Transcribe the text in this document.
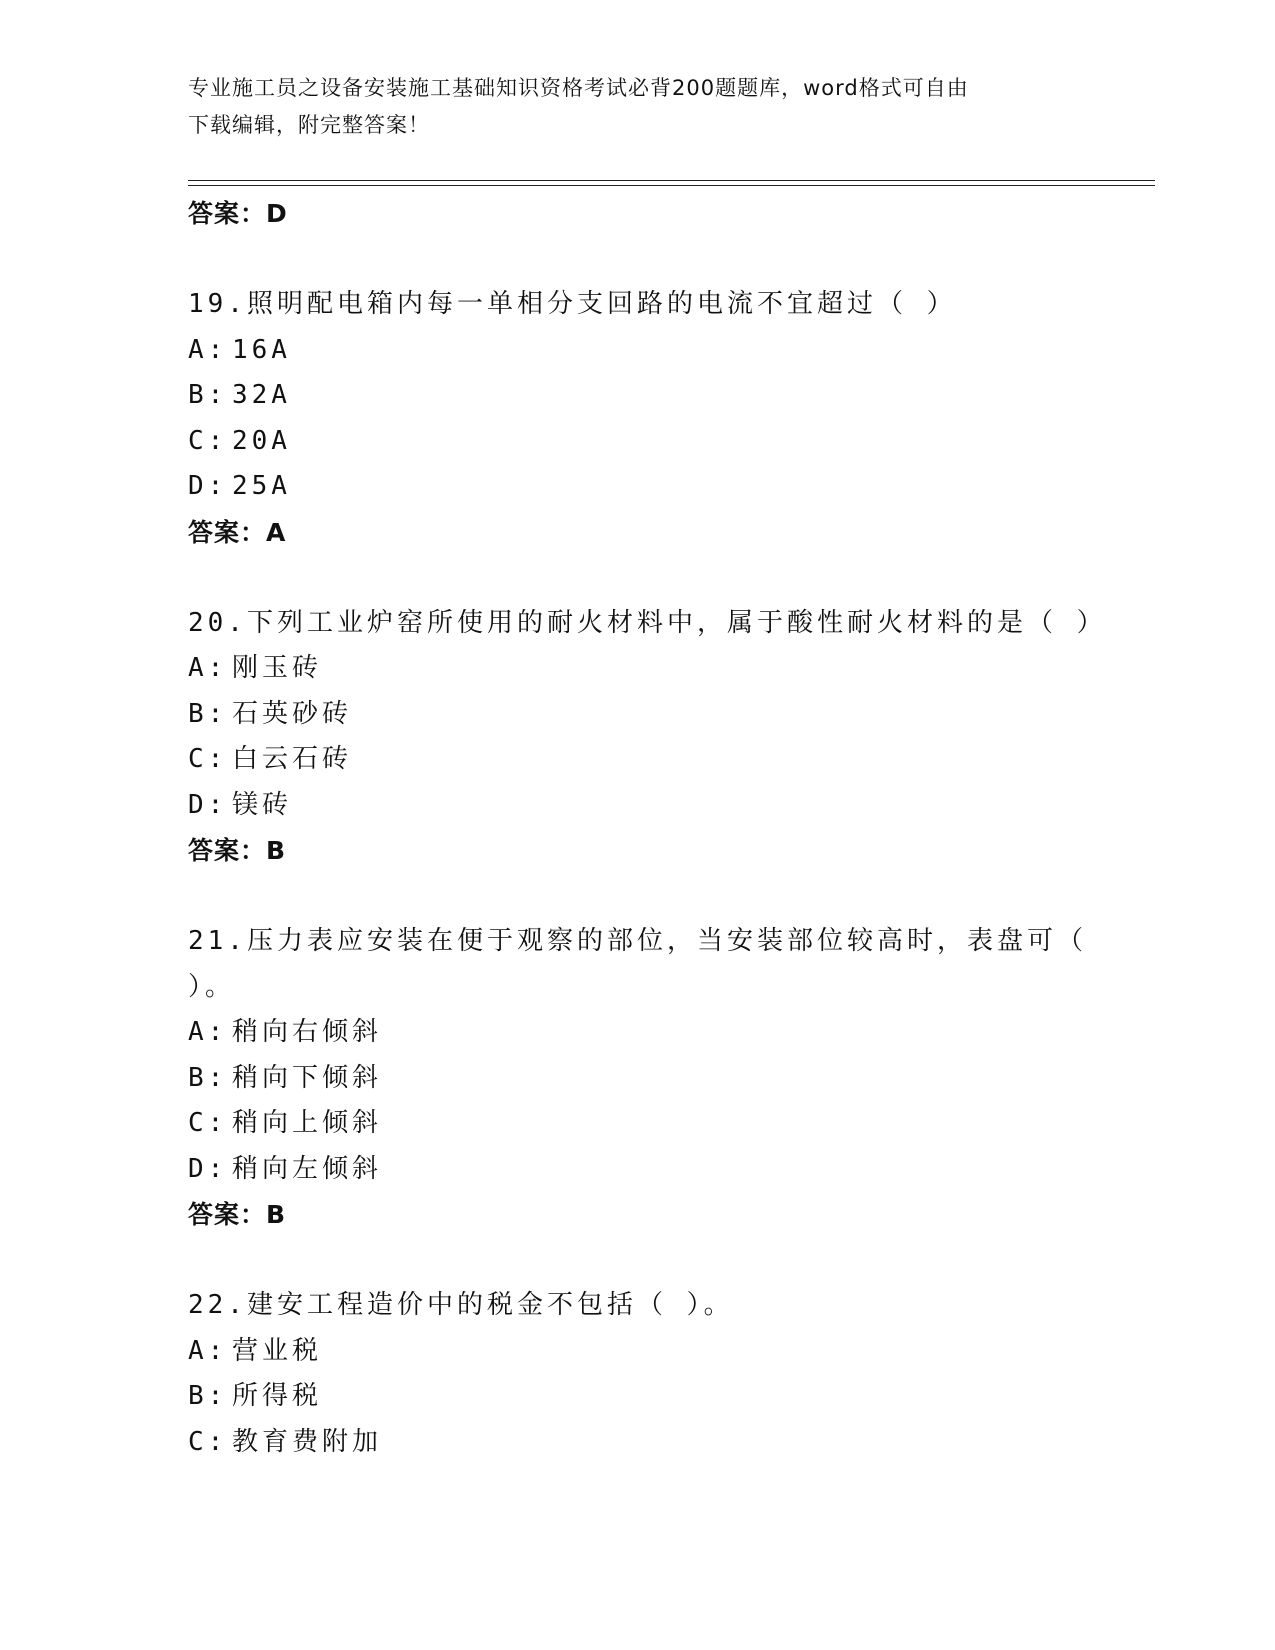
专业施工员之设备安装施工基础知识资格考试必背200题题库，word格式可自由
下载编辑，附完整答案！
答案：D
19.照明配电箱内每一单相分支回路的电流不宜超过（ ）
A: 16A
B: 32A
C: 20A
D: 25A
答案：A
20.下列工业炉窑所使用的耐火材料中，属于酸性耐火材料的是（ ）
A: 刚玉砖
B: 石英砂砖
C: 白云石砖
D: 镁砖
答案：B
21.压力表应安装在便于观察的部位，当安装部位较高时，表盘可（
）。
A: 稍向右倾斜
B: 稍向下倾斜
C: 稍向上倾斜
D: 稍向左倾斜
答案：B
22.建安工程造价中的税金不包括（ ）。
A: 营业税
B: 所得税
C: 教育费附加
